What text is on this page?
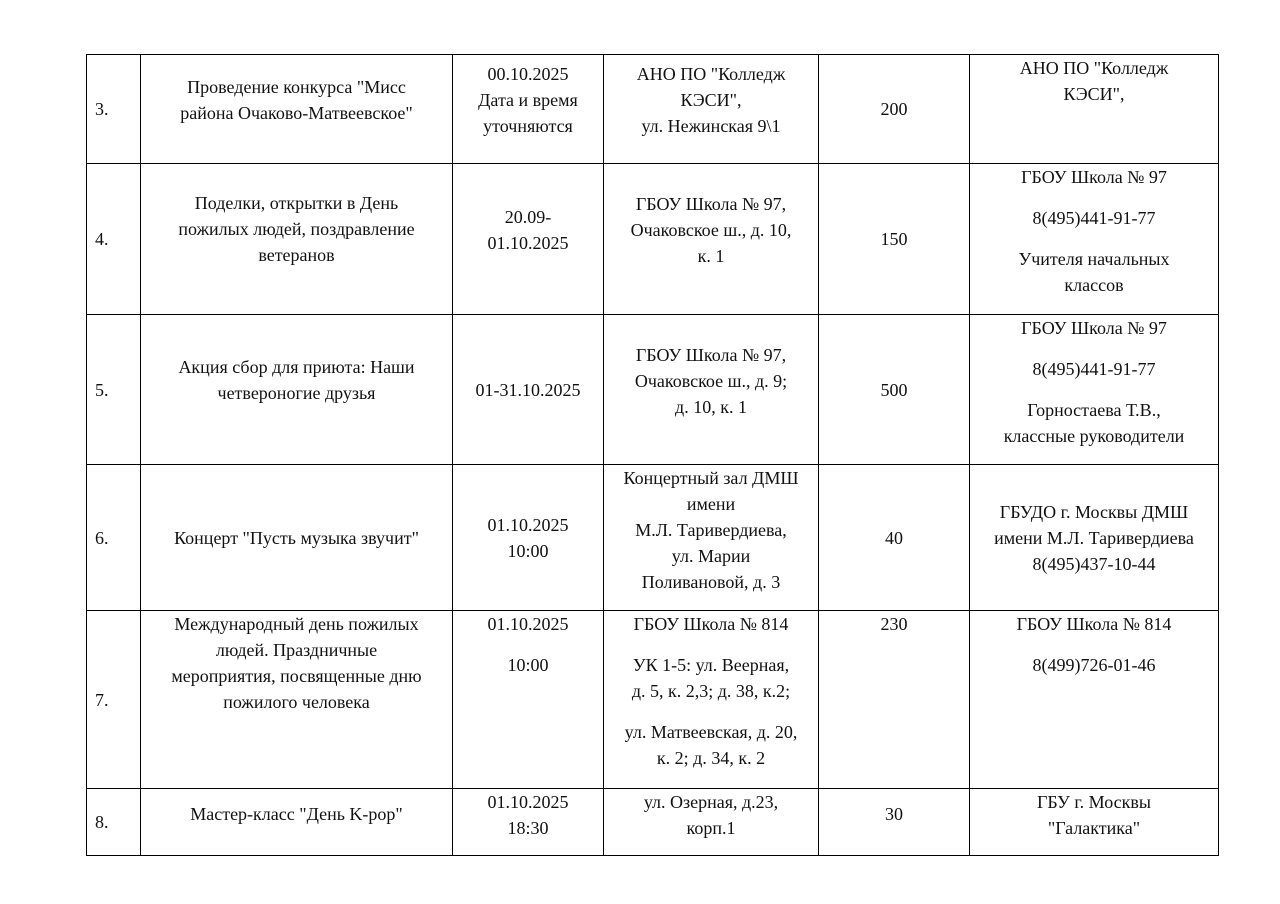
3.	Проведение конкурса "Мисс
района Очаково-Матвеевское"	00.10.2025
Дата и время
уточняются	АНО ПО "Колледж
КЭСИ",
ул. Нежинская 9\1	200	АНО ПО "Колледж
КЭСИ",

4.	Поделки, открытки в День
пожилых людей, поздравление
ветеранов	20.09-
01.10.2025	ГБОУ Школа № 97,
Очаковское ш., д. 10,
к. 1	150	ГБОУ Школа № 97
8(495)441-91-77
Учителя начальных
классов

5.	Акция сбор для приюта: Наши
четвероногие друзья	01-31.10.2025	ГБОУ Школа № 97,
Очаковское ш., д. 9;
д. 10, к. 1	500	ГБОУ Школа № 97
8(495)441-91-77
Горностаева Т.В.,
классные руководители

6.	Концерт "Пусть музыка звучит"	01.10.2025
10:00	Концертный зал ДМШ
имени
М.Л. Таривердиева,
ул. Марии
Поливановой, д. 3	40	ГБУДО г. Москвы ДМШ
имени М.Л. Таривердиева
8(495)437-10-44

7.	Международный день пожилых
людей. Праздничные
мероприятия, посвященные дню
пожилого человека	01.10.2025
10:00	ГБОУ Школа № 814
УК 1-5: ул. Веерная,
д. 5, к. 2,3; д. 38, к.2;
ул. Матвеевская, д. 20,
к. 2; д. 34, к. 2	230	ГБОУ Школа № 814
8(499)726-01-46

8.	Мастер-класс "День K-pop"	01.10.2025
18:30	ул. Озерная, д.23,
корп.1	30	ГБУ г. Москвы
"Галактика"
